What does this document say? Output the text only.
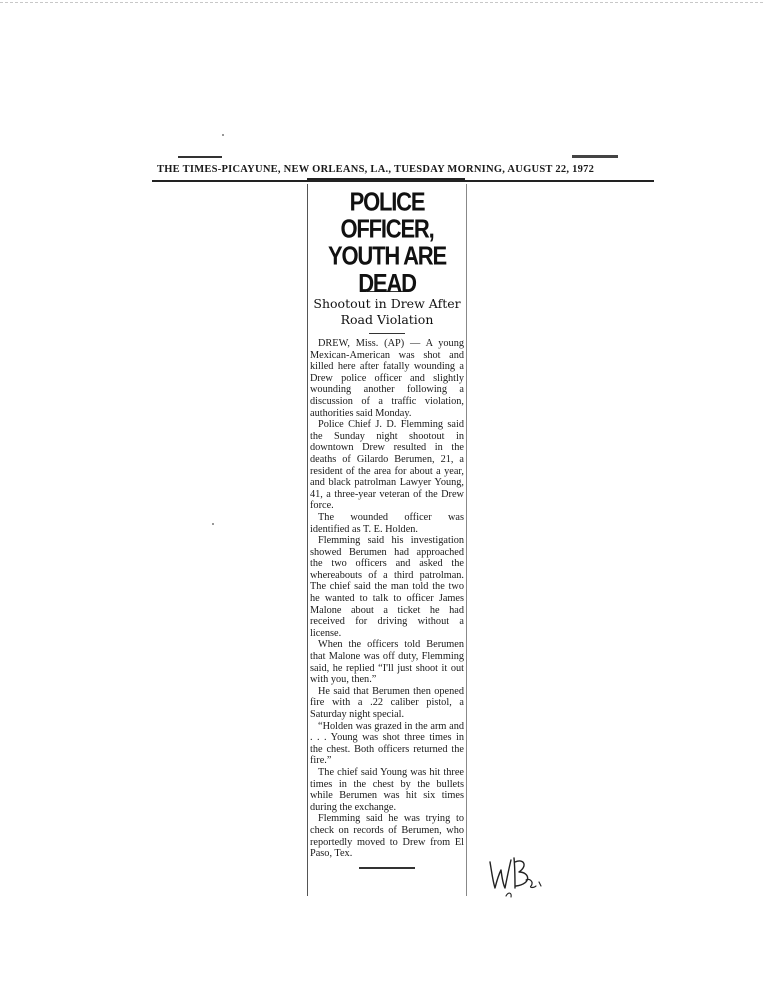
THE TIMES-PICAYUNE, NEW ORLEANS, LA., TUESDAY MORNING, AUGUST 22, 1972
POLICE OFFICER,
YOUTH ARE DEAD
Shootout in Drew After
Road Violation

DREW, Miss. (AP) — A young Mexican-American was shot and killed here after fatally wounding a Drew police officer and slightly wounding another following a discussion of a traffic violation, authorities said Monday.

Police Chief J. D. Flemming said the Sunday night shootout in downtown Drew resulted in the deaths of Gilardo Berumen, 21, a resident of the area for about a year, and black patrolman Lawyer Young, 41, a three-year veteran of the Drew force.

The wounded officer was identified as T. E. Holden.

Flemming said his investigation showed Berumen had approached the two officers and asked the whereabouts of a third patrolman. The chief said the man told the two he wanted to talk to officer James Malone about a ticket he had received for driving without a license.

When the officers told Berumen that Malone was off duty, Flemming said, he replied “I'll just shoot it out with you, then.”

He said that Berumen then opened fire with a .22 caliber pistol, a Saturday night special.

“Holden was grazed in the arm and . . . Young was shot three times in the chest. Both officers returned the fire.”

The chief said Young was hit three times in the chest by the bullets while Berumen was hit six times during the exchange.

Flemming said he was trying to check on records of Berumen, who reportedly moved to Drew from El Paso, Tex.
